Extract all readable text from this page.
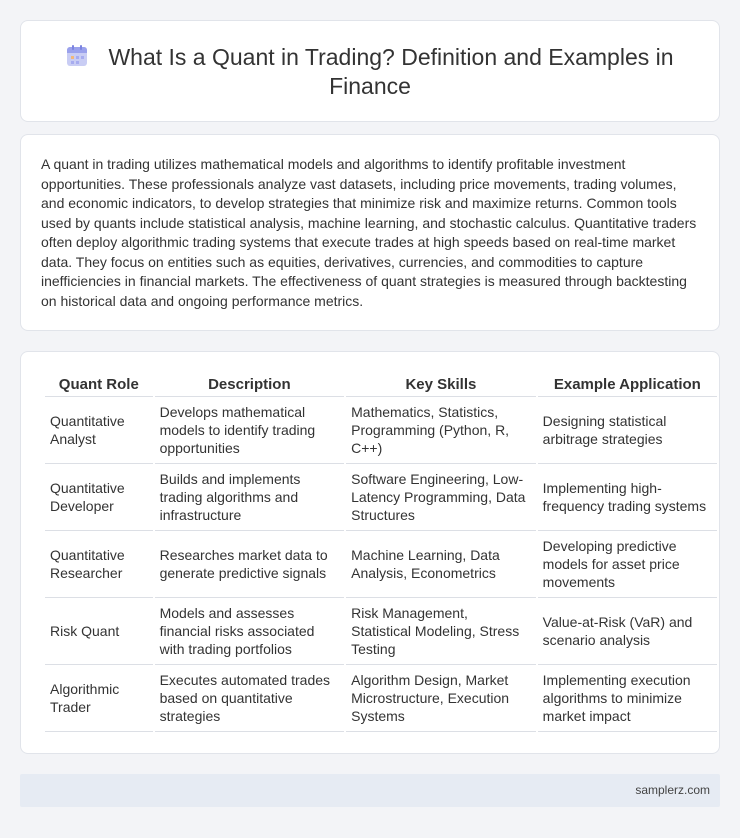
What Is a Quant in Trading? Definition and Examples in Finance

A quant in trading utilizes mathematical models and algorithms to identify profitable investment opportunities. These professionals analyze vast datasets, including price movements, trading volumes, and economic indicators, to develop strategies that minimize risk and maximize returns. Common tools used by quants include statistical analysis, machine learning, and stochastic calculus. Quantitative traders often deploy algorithmic trading systems that execute trades at high speeds based on real-time market data. They focus on entities such as equities, derivatives, currencies, and commodities to capture inefficiencies in financial markets. The effectiveness of quant strategies is measured through backtesting on historical data and ongoing performance metrics.

Quant Role	Description	Key Skills	Example Application
Quantitative Analyst	Develops mathematical models to identify trading opportunities	Mathematics, Statistics, Programming (Python, R, C++)	Designing statistical arbitrage strategies
Quantitative Developer	Builds and implements trading algorithms and infrastructure	Software Engineering, Low-Latency Programming, Data Structures	Implementing high-frequency trading systems
Quantitative Researcher	Researches market data to generate predictive signals	Machine Learning, Data Analysis, Econometrics	Developing predictive models for asset price movements
Risk Quant	Models and assesses financial risks associated with trading portfolios	Risk Management, Statistical Modeling, Stress Testing	Value-at-Risk (VaR) and scenario analysis
Algorithmic Trader	Executes automated trades based on quantitative strategies	Algorithm Design, Market Microstructure, Execution Systems	Implementing execution algorithms to minimize market impact
samplerz.com
